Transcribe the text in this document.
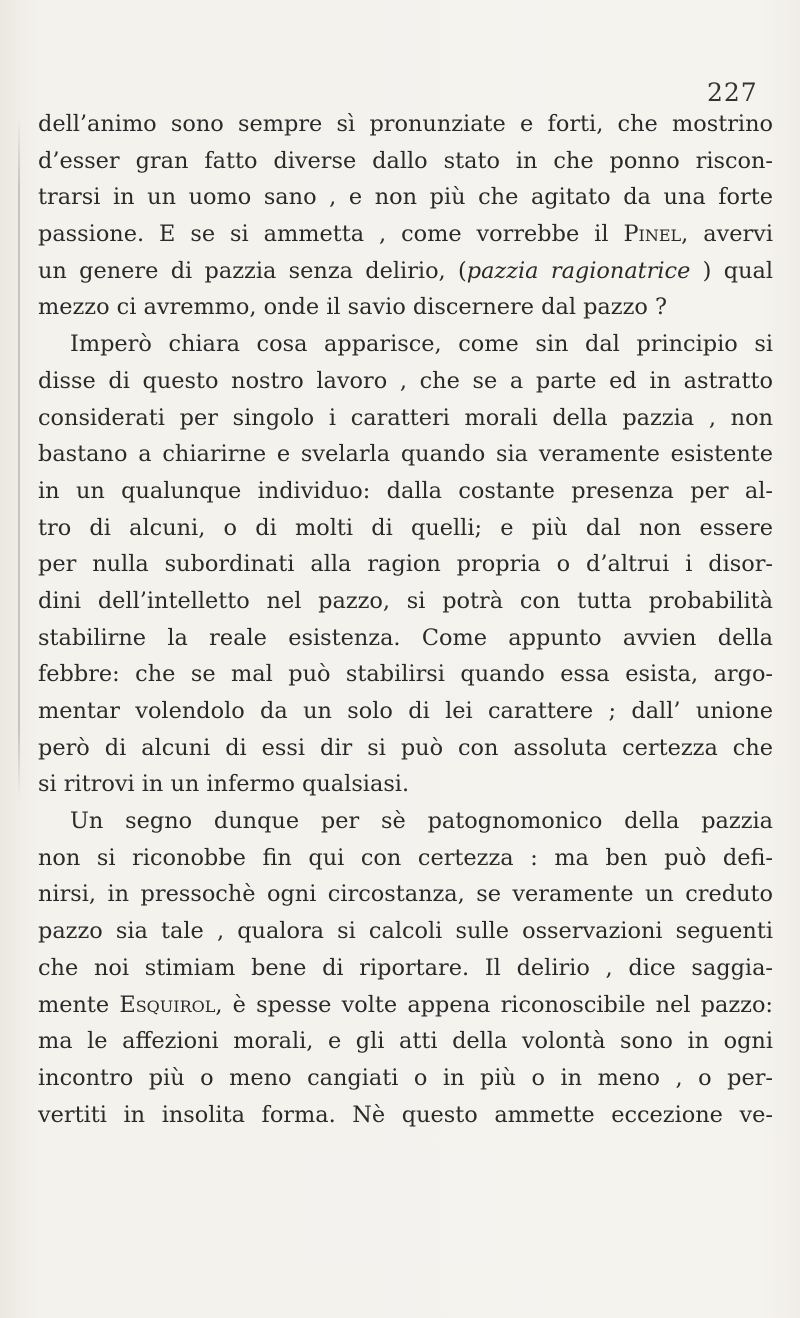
227
dell’animo sono sempre sì pronunziate e forti, che mostrino
d’esser gran fatto diverse dallo stato in che ponno riscon-
trarsi in un uomo sano , e non più che agitato da una forte
passione. E se si ammetta , come vorrebbe il Pinel, avervi
un genere di pazzia senza delirio, (pazzia ragionatrice ) qual
mezzo ci avremmo, onde il savio discernere dal pazzo ?
Imperò chiara cosa apparisce, come sin dal principio si
disse di questo nostro lavoro , che se a parte ed in astratto
considerati per singolo i caratteri morali della pazzia , non
bastano a chiarirne e svelarla quando sia veramente esistente
in un qualunque individuo: dalla costante presenza per al-
tro di alcuni, o di molti di quelli; e più dal non essere
per nulla subordinati alla ragion propria o d’altrui i disor-
dini dell’intelletto nel pazzo, si potrà con tutta probabilità
stabilirne la reale esistenza. Come appunto avvien della
febbre: che se mal può stabilirsi quando essa esista, argo-
mentar volendolo da un solo di lei carattere ; dall’ unione
però di alcuni di essi dir si può con assoluta certezza che
si ritrovi in un infermo qualsiasi.
Un segno dunque per sè patognomonico della pazzia
non si riconobbe fin qui con certezza : ma ben può defi-
nirsi, in pressochè ogni circostanza, se veramente un creduto
pazzo sia tale , qualora si calcoli sulle osservazioni seguenti
che noi stimiam bene di riportare. Il delirio , dice saggia-
mente Esquirol, è spesse volte appena riconoscibile nel pazzo:
ma le affezioni morali, e gli atti della volontà sono in ogni
incontro più o meno cangiati o in più o in meno , o per-
vertiti in insolita forma. Nè questo ammette eccezione ve-
